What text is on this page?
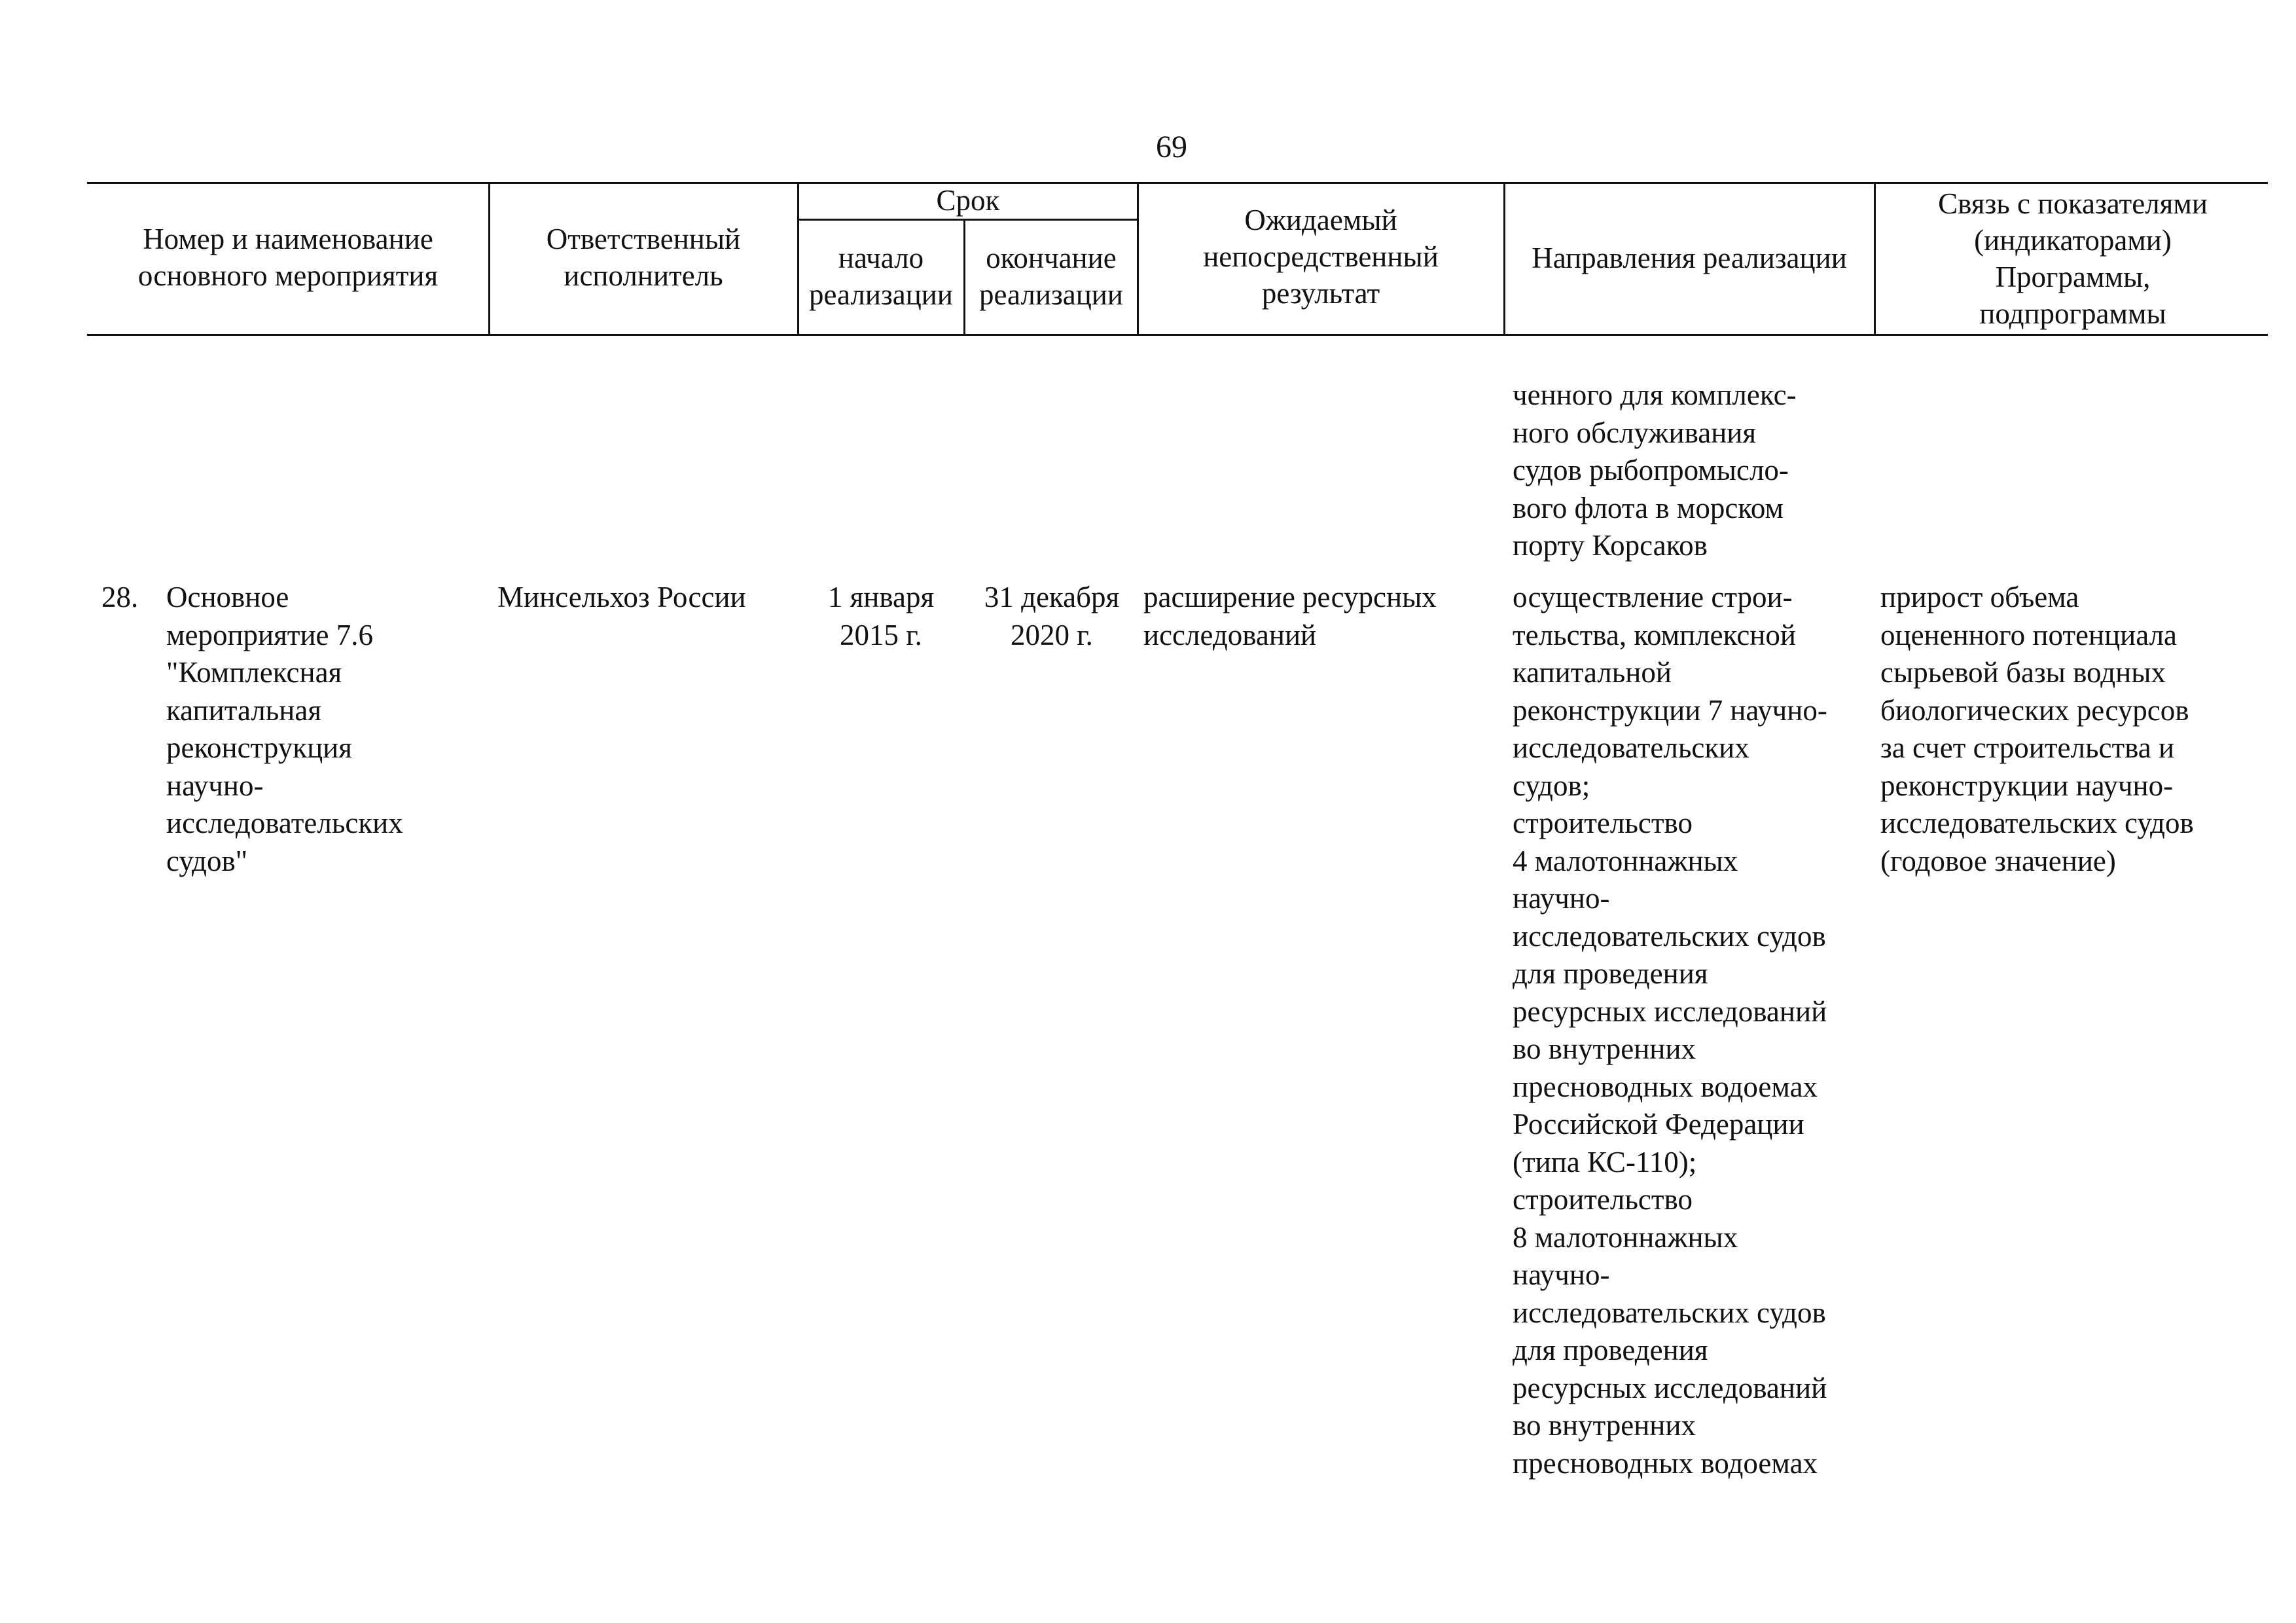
69
Номер и наименование
основного мероприятия
Ответственный
исполнитель
Срок
начало
реализации
окончание
реализации
Ожидаемый
непосредственный
результат
Направления реализации
Связь с показателями
(индикаторами)
Программы,
подпрограммы
ченного для комплекс-
ного обслуживания
судов рыбопромысло-
вого флота в морском
порту Корсаков
28. Основное
мероприятие 7.6
"Комплексная
капитальная
реконструкция
научно-
исследовательских
судов"
Минсельхоз России	1 января
2015 г.
31 декабря
2020 г.
расширение ресурсных
исследований
осуществление строи-
тельства, комплексной
капитальной
реконструкции 7 научно-
исследовательских
судов;
строительство
4 малотоннажных
научно-
исследовательских судов
для проведения
ресурсных исследований
во внутренних
пресноводных водоемах
Российской Федерации
(типа КС-110);
строительство
8 малотоннажных
научно-
исследовательских судов
для проведения
ресурсных исследований
во внутренних
пресноводных водоемах
прирост объема
оцененного потенциала
сырьевой базы водных
биологических ресурсов
за счет строительства и
реконструкции научно-
исследовательских судов
(годовое значение)
